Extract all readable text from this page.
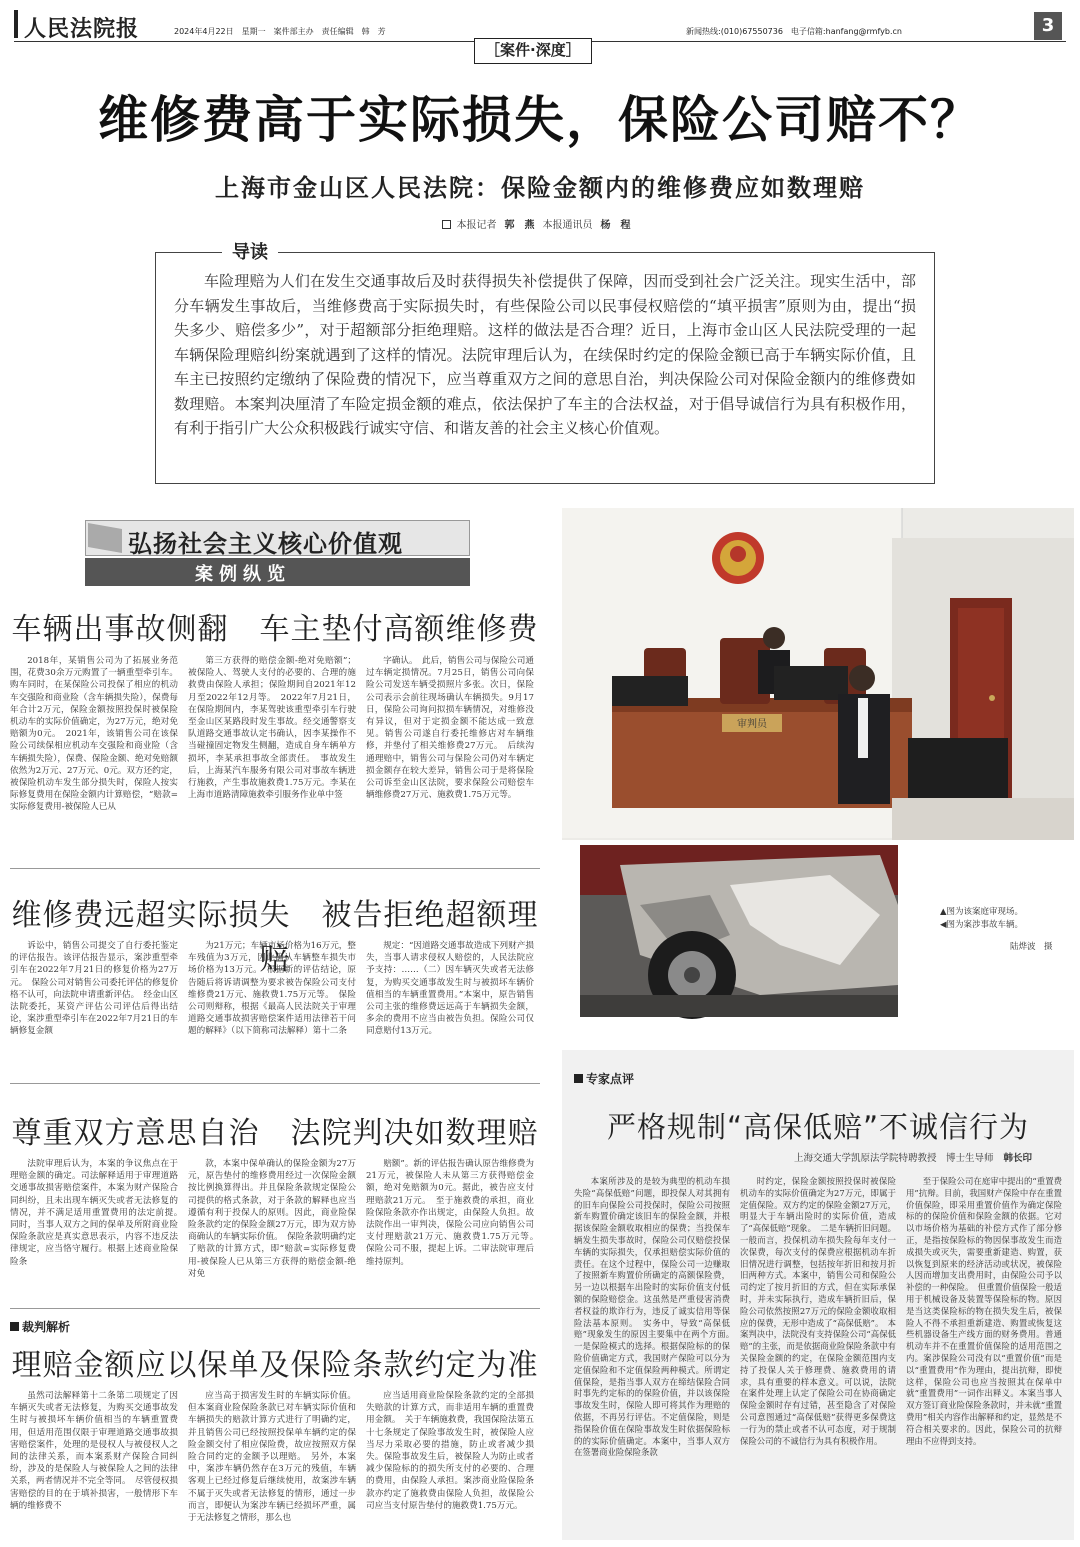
人民法院报	2024年4月22日　星期一　案件部主办　责任编辑　韩　芳
［案件·深度］
新闻热线:(010)67550736　电子信箱:hanfang@rmfyb.cn	3
维修费高于实际损失，保险公司赔不？
上海市金山区人民法院：保险金额内的维修费应如数理赔
本报记者 郭　燕 本报通讯员 杨　程

车险理赔为人们在发生交通事故后及时获得损失补偿提供了保障，因而受到社会广泛关注。现实生活中，部分车辆发生事故后，当维修费高于实际损失时，有些保险公司以民事侵权赔偿的“填平损害”原则为由，提出“损失多少、赔偿多少”，对于超额部分拒绝理赔。这样的做法是否合理？近日，上海市金山区人民法院受理的一起车辆保险理赔纠纷案就遇到了这样的情况。法院审理后认为，在续保时约定的保险金额已高于车辆实际价值，且车主已按照约定缴纳了保险费的情况下，应当尊重双方之间的意思自治，判决保险公司对保险金额内的维修费如数理赔。本案判决厘清了车险定损金额的难点，依法保护了车主的合法权益，对于倡导诚信行为具有积极作用，有利于指引广大公众积极践行诚实守信、和谐友善的社会主义核心价值观。

导读
弘扬社会主义核心价值观
案例纵览
车辆出事故侧翻　车主垫付高额维修费
2018年，某销售公司为了拓展业务范围，花费30余万元购置了一辆重型牵引车。购车同时，在某保险公司投保了相应的机动车交强险和商业险（含车辆损失险），保费每年合计2万元，保险金额按照投保时被保险机动车的实际价值确定，为27万元，绝对免赔额为0元。　2021年，该销售公司在该保险公司续保相应机动车交强险和商业险（含车辆损失险），保费、保险金额、绝对免赔额依然为2万元、27万元、0元。双方还约定，被保险机动车发生部分损失时，保险人按实际修复费用在保险金额内计算赔偿，“赔款=实际修复费用-被保险人已从
第三方获得的赔偿金额-绝对免赔额”；被保险人、驾驶人支付的必要的、合理的施救费由保险人承担；保险期间自2021年12月至2022年12月等。　2022年7月21日，在保险期间内，李某驾驶该重型牵引车行驶至金山区某路段时发生事故。经交通警察支队道路交通事故认定书确认，因李某操作不当碰撞固定物发生侧翻，造成自身车辆单方损坏，李某承担事故全部责任。　事故发生后，上海某汽车服务有限公司对事故车辆进行施救，产生事故施救费1.75万元。李某在上海市道路清障施救牵引服务作业单中签
字确认。　此后，销售公司与保险公司通过车辆定损情况。7月25日，销售公司向保险公司发送车辆受损照片多张。次日，保险公司表示会前往现场确认车辆损失。9月17日，保险公司询问拟损车辆情况，对维修没有异议，但对于定损金额不能达成一致意见。销售公司遂自行委托维修店对车辆维修，并垫付了相关维修费27万元。　后续沟通理赔中，销售公司与保险公司仍对车辆定损金额存在较大差异，销售公司于是将保险公司诉至金山区法院，要求保险公司赔偿车辆维修费27万元、施救费1.75万元等。
维修费远超实际损失　被告拒绝超额理赔
诉讼中，销售公司提交了自行委托鉴定的评估报告。该评估报告显示，案涉重型牵引车在2022年7月21日的修复价格为27万元。　保险公司对销售公司委托评估的修复价格不认可，向法院申请重新评估。　经金山区法院委托，某资产评估公司评估后得出结论，案涉重型牵引车在2022年7月21日的车辆修复金额
为21万元；车辆市场价格为16万元，整车残值为3万元，因此确认车辆整车损失市场价格为13万元。　根据新的评估结论，原告随后将诉请调整为要求被告保险公司支付维修费21万元、施救费1.75万元等。　保险公司则辩称，根据《最高人民法院关于审理道路交通事故损害赔偿案件适用法律若干问题的解释》（以下简称司法解释）第十二条
规定：“因道路交通事故造成下列财产损失，当事人请求侵权人赔偿的，人民法院应予支持：……（二）因车辆灭失或者无法修复，为购买交通事故发生时与被损坏车辆价值相当的车辆重置费用。”本案中，原告销售公司主张的维修费远远高于车辆损失金额，多余的费用不应当由被告负担。保险公司仅同意赔付13万元。
尊重双方意思自治　法院判决如数理赔
法院审理后认为，本案的争议焦点在于理赔金额的确定。司法解释适用于审理道路交通事故损害赔偿案件，本案为财产保险合同纠纷，且未出现车辆灭失或者无法修复的情况，并不满足适用重置费用的法定前提。　同时，当事人双方之间的保单及所附商业险保险条款应是真实意思表示，内容不违反法律规定，应当恪守履行。根据上述商业险保险条
款，本案中保单确认的保险金额为27万元，原告垫付的维修费用经过一次保险金额按比例换算得出。并且保险条款规定保险公司提供的格式条款，对于条款的解释也应当遵循有利于投保人的原则。因此，商业险保险条款约定的保险金额27万元，即为双方协商确认的车辆实际价值。　保险条款明确约定了赔款的计算方式，即“赔款=实际修复费用-被保险人已从第三方获得的赔偿金额-绝对免
赔额”。新的评估报告确认原告维修费为21万元，被保险人未从第三方获得赔偿金额，绝对免赔额为0元。据此，被告应支付理赔款21万元。　至于施救费的承担，商业险保险条款亦作出规定，由保险人负担。故法院作出一审判决，保险公司应向销售公司支付理赔款21万元、施救费1.75万元等。　保险公司不服，提起上诉。二审法院审理后维持原判。
裁判解析
理赔金额应以保单及保险条款约定为准
虽然司法解释第十二条第二项规定了因车辆灭失或者无法修复，为购买交通事故发生时与被损坏车辆价值相当的车辆重置费用，但适用范围仅限于审理道路交通事故损害赔偿案件，处理的是侵权人与被侵权人之间的法律关系，而本案系财产保险合同纠纷，涉及的是保险人与被保险人之间的法律关系，两者情况并不完全等同。　尽管侵权损害赔偿的目的在于填补损害，一般情形下车辆的维修费不
应当高于损害发生时的车辆实际价值。但本案商业险保险条款已对车辆实际价值和车辆损失的赔款计算方式进行了明确约定，并且销售公司已经按照投保单车辆约定的保险金额交付了相应保险费，故应按照双方保险合同约定的金额予以理赔。　另外，本案中，案涉车辆仍然存在3万元的残值，车辆客观上已经过修复后继续使用，故案涉车辆不属于灭失或者无法修复的情形，通过一步而言，即便认为案涉车辆已经损坏严重，属于无法修复之情形，那么也
应当适用商业险保险条款约定的全部损失赔款的计算方式，而非适用车辆的重置费用金额。　关于车辆施救费，我国保险法第五十七条规定了保险事故发生时，被保险人应当尽力采取必要的措施，防止或者减少损失。保险事故发生后，被保险人为防止或者减少保险标的的损失所支付的必要的、合理的费用，由保险人承担。案涉商业险保险条款亦约定了施救费由保险人负担，故保险公司应当支付原告垫付的施救费1.75万元。
审判员
▲图为该案庭审现场。
◀图为案涉事故车辆。
陆烨波　摄
专家点评
严格规制“高保低赔”不诚信行为
上海交通大学凯原法学院特聘教授　博士生导师 韩长印
本案所涉及的是较为典型的机动车损失险“高保低赔”问题，即投保人对其拥有的旧车向保险公司投保时，保险公司按照新车购置价确定该旧车的保险金额，并根据该保险金额收取相应的保费；当投保车辆发生损失事故时，保险公司仅赔偿投保车辆的实际损失，仅承担赔偿实际价值的责任。在这个过程中，保险公司一边赚取了按照新车购置价所确定的高额保险费，另一边以根据车出险时的实际价值支付低额的保险赔偿金。这虽然是严重侵害消费者权益的欺诈行为，违反了诚实信用等保险法基本原则。　实务中，导致“高保低赔”现象发生的原因主要集中在两个方面。　一是保险模式的选择。根据保险标的的保险价值确定方式，我国财产保险可以分为定值保险和不定值保险两种模式。所谓定值保险，是指当事人双方在缔结保险合同时事先约定标的的保险价值，并以该保险事故发生时，保险人即可将其作为理赔的依据，不再另行评估。不定值保险，则是指保险价值在保险事故发生时依据保险标的的实际价值确定。本案中，当事人双方在签署商业险保险条款
时约定，保险金额按照投保时被保险机动车的实际价值确定为27万元，即属于定值保险。双方约定的保险金额27万元，明显大于车辆出险时的实际价值，造成了“高保低赔”现象。　二是车辆折旧问题。一般而言，投保机动车损失险每年支付一次保费，每次支付的保费应根据机动车折旧情况进行调整，包括按年折旧和按月折旧两种方式。本案中，销售公司和保险公司约定了按月折旧的方式，但在实际承保时，并未实际执行，造成车辆折旧后，保险公司依然按照27万元的保险金额收取相应的保费，无形中造成了“高保低赔”。　本案判决中，法院没有支持保险公司“高保低赔”的主张，而是依据商业险保险条款中有关保险金额的约定，在保险金额范围内支持了投保人关于修理费、施救费用的请求，具有重要的样本意义。可以说，法院在案件处理上认定了保险公司在协商确定保险金额时存有过错，甚至隐含了对保险公司意图通过“高保低赔”获得更多保费这一行为的禁止或者不认可态度，对于规制保险公司的不诚信行为具有积极作用。
至于保险公司在庭审中提出的“重置费用”抗辩。目前，我国财产保险中存在重置价值保险，即采用重置价值作为确定保险标的的保险价值和保险金额的依据。它对以市场价格为基础的补偿方式作了部分修正，是指按保险标的物因保事故发生而造成损失或灭失，需要重新建造、购置，获以恢复到原来的经济活动或状况，被保险人因而增加支出费用时，由保险公司予以补偿的一种保险。　但重置价值保险一般适用于机械设备及装置等保险标的物。原因是当这类保险标的物在损失发生后，被保险人不得不承担重新建造、购置或恢复这些机器设备生产线方面的财务费用。普通机动车并不在重置价值保险的适用范围之内。案涉保险公司没有以“重置价值”而是以“重置费用”作为理由，提出抗辩，即使这样，保险公司也应当按照其在保单中就“重置费用”一词作出释义。本案当事人双方签订商业险保险条款时，并未就“重置费用”相关内容作出解释和约定，显然是不符合相关要求的。因此，保险公司的抗辩理由不应得到支持。
